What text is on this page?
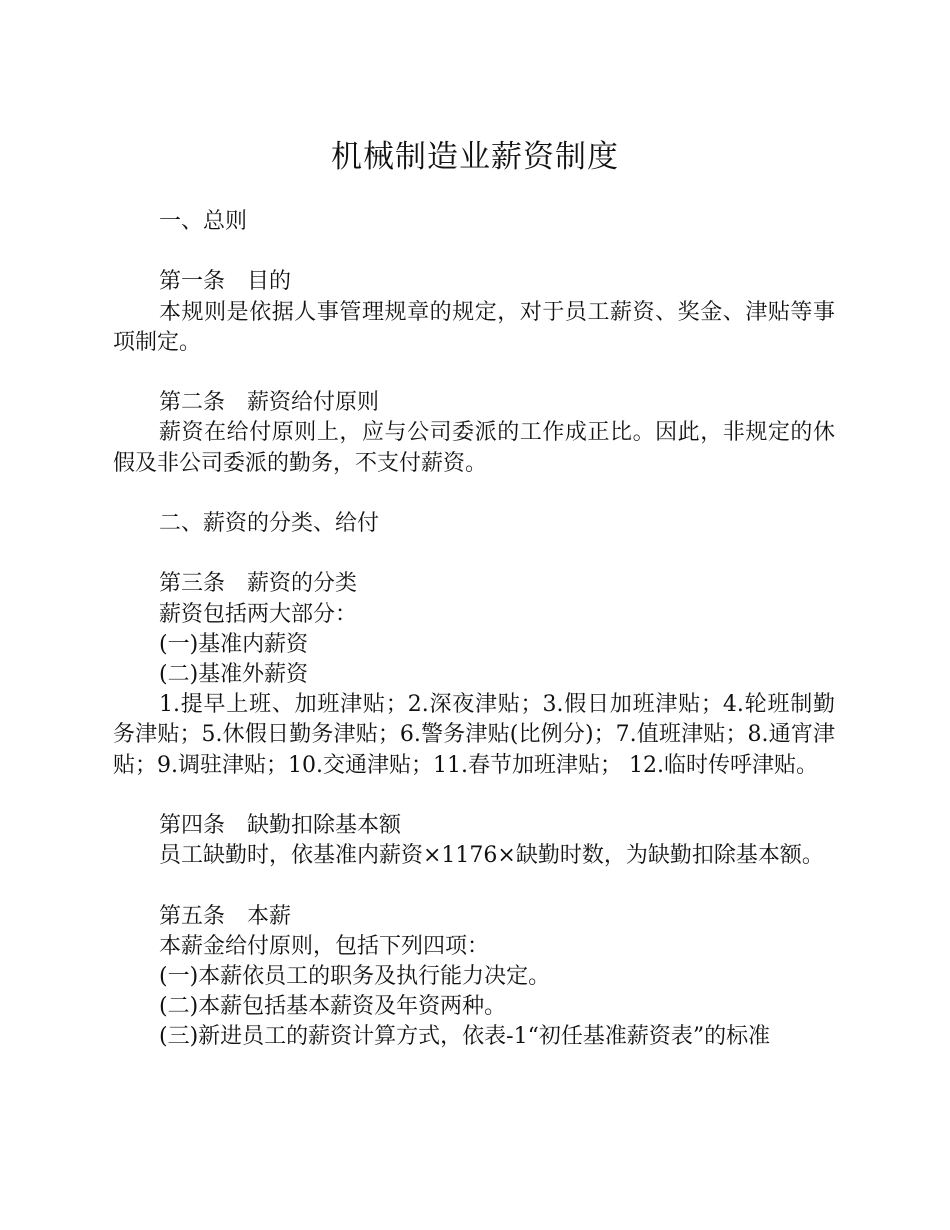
机械制造业薪资制度

一、总则

第一条　目的

本规则是依据人事管理规章的规定，对于员工薪资、奖金、津贴等事项制定。

第二条　薪资给付原则

薪资在给付原则上，应与公司委派的工作成正比。因此，非规定的休假及非公司委派的勤务，不支付薪资。

二、薪资的分类、给付

第三条　薪资的分类

薪资包括两大部分：

(一)基准内薪资

(二)基准外薪资

1.提早上班、加班津贴；2.深夜津贴；3.假日加班津贴；4.轮班制勤务津贴；5.休假日勤务津贴；6.警务津贴(比例分)；7.值班津贴；8.通宵津贴；9.调驻津贴；10.交通津贴；11.春节加班津贴； 12.临时传呼津贴。

第四条　缺勤扣除基本额

员工缺勤时，依基准内薪资×1176×缺勤时数，为缺勤扣除基本额。

第五条　本薪

本薪金给付原则，包括下列四项：

(一)本薪依员工的职务及执行能力决定。

(二)本薪包括基本薪资及年资两种。

(三)新进员工的薪资计算方式，依表-1“初任基准薪资表”的标准
